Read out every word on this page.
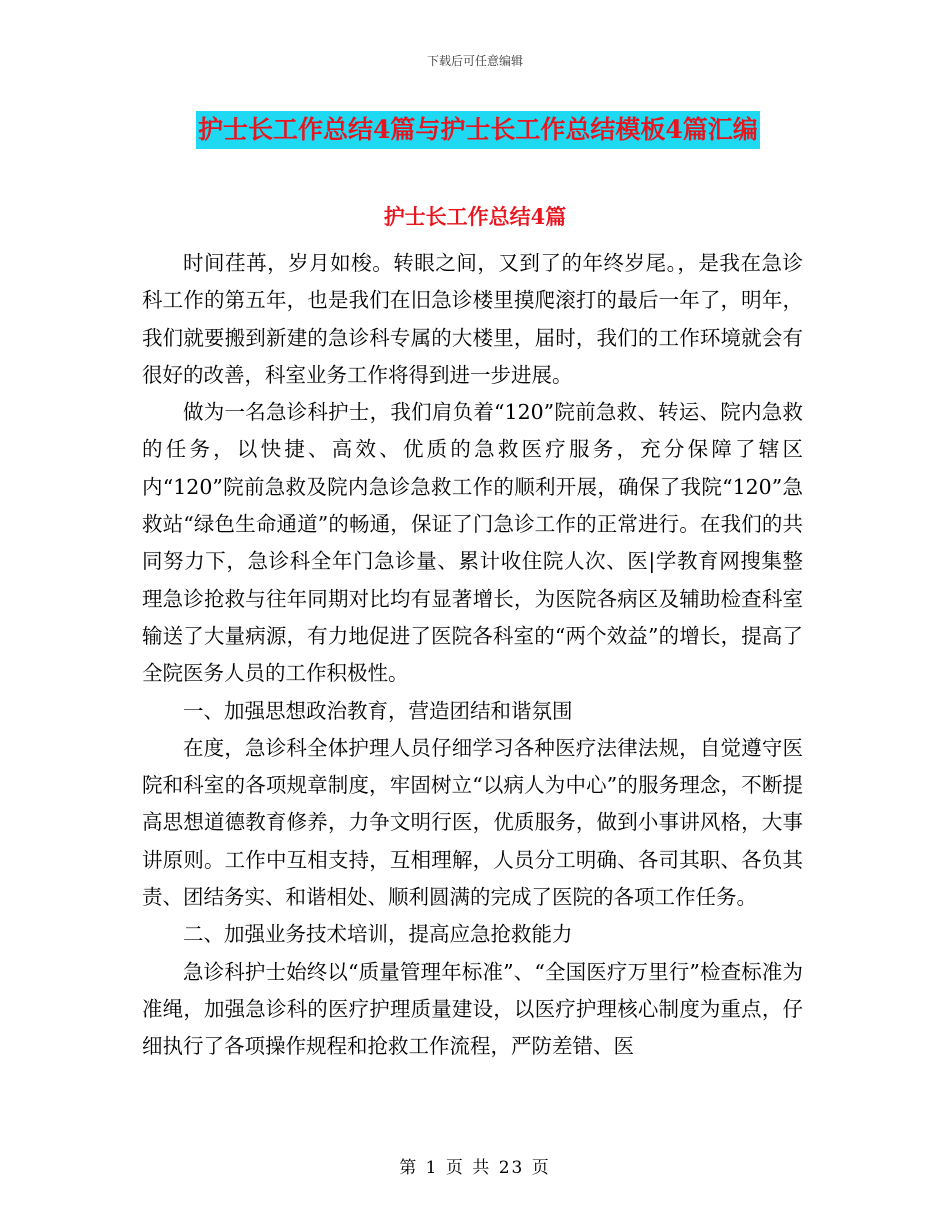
下载后可任意编辑
护士长工作总结4篇与护士长工作总结模板4篇汇编
护士长工作总结4篇

时间荏苒，岁月如梭。转眼之间，又到了的年终岁尾。，是我在急诊科工作的第五年，也是我们在旧急诊楼里摸爬滚打的最后一年了，明年，我们就要搬到新建的急诊科专属的大楼里，届时，我们的工作环境就会有很好的改善，科室业务工作将得到进一步进展。

做为一名急诊科护士，我们肩负着“120”院前急救、转运、院内急救的任务，以快捷、高效、优质的急救医疗服务，充分保障了辖区内“120”院前急救及院内急诊急救工作的顺利开展，确保了我院“120”急救站“绿色生命通道”的畅通，保证了门急诊工作的正常进行。在我们的共同努力下，急诊科全年门急诊量、累计收住院人次、医|学教育网搜集整理急诊抢救与往年同期对比均有显著增长，为医院各病区及辅助检查科室输送了大量病源，有力地促进了医院各科室的“两个效益”的增长，提高了全院医务人员的工作积极性。

一、加强思想政治教育，营造团结和谐氛围

在度，急诊科全体护理人员仔细学习各种医疗法律法规，自觉遵守医院和科室的各项规章制度，牢固树立“以病人为中心”的服务理念，不断提高思想道德教育修养，力争文明行医，优质服务，做到小事讲风格，大事讲原则。工作中互相支持，互相理解，人员分工明确、各司其职、各负其责、团结务实、和谐相处、顺利圆满的完成了医院的各项工作任务。

二、加强业务技术培训，提高应急抢救能力

急诊科护士始终以“质量管理年标准”、“全国医疗万里行”检查标准为准绳，加强急诊科的医疗护理质量建设，以医疗护理核心制度为重点，仔细执行了各项操作规程和抢救工作流程，严防差错、医

第 1 页 共 23 页
